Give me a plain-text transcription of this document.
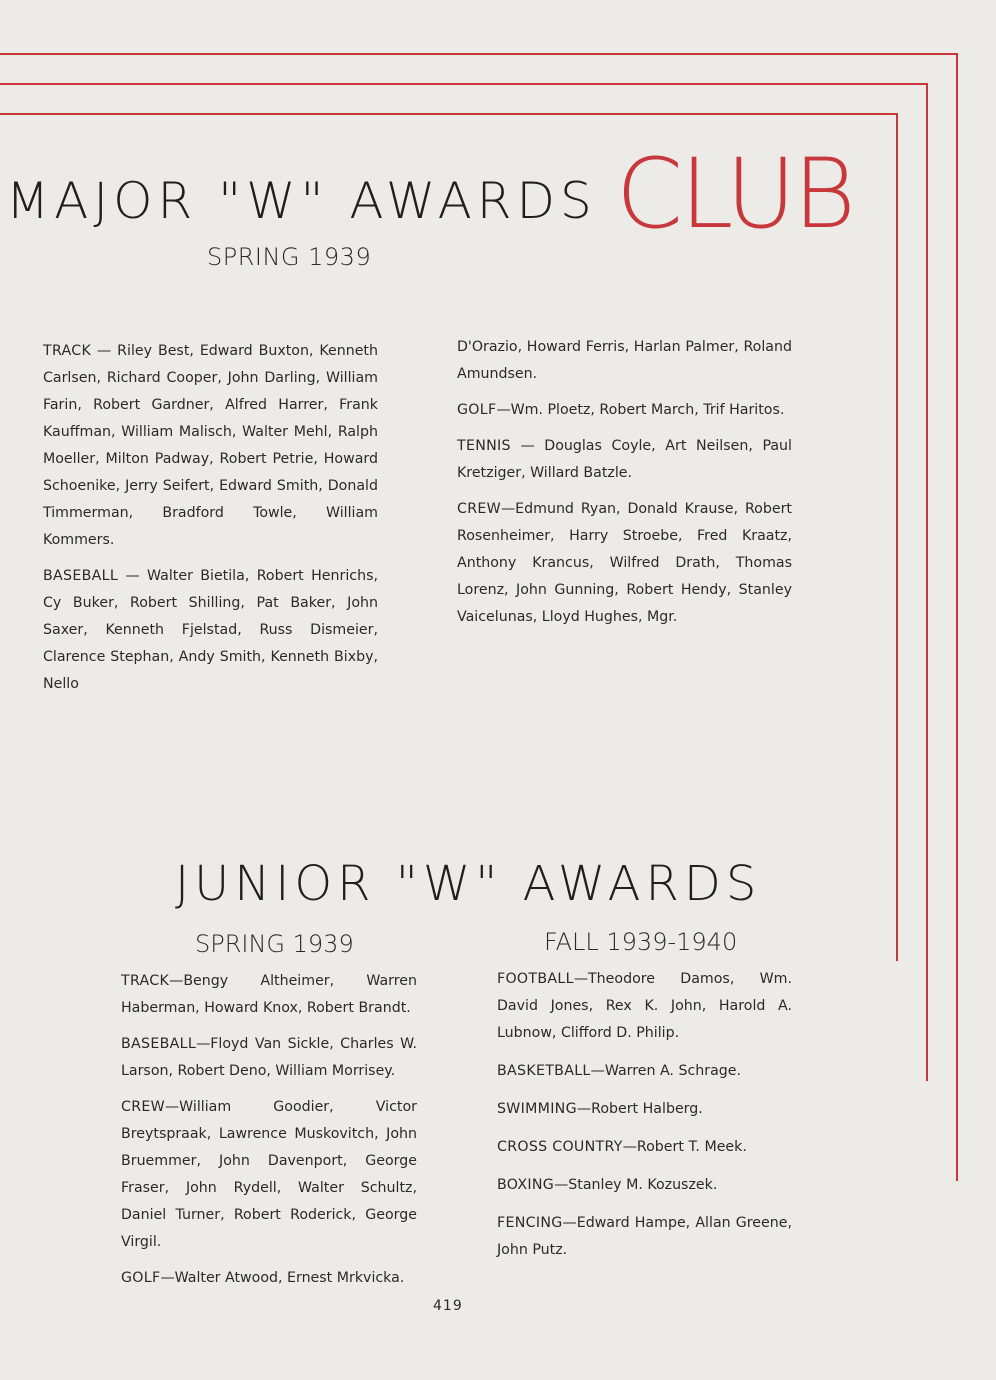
MAJOR "W" AWARDS CLUB
SPRING 1939

TRACK — Riley Best, Edward Buxton, Kenneth Carlsen, Richard Cooper, John Darling, William Farin, Robert Gardner, Alfred Harrer, Frank Kauffman, William Malisch, Walter Mehl, Ralph Moeller, Milton Padway, Robert Petrie, Howard Schoenike, Jerry Seifert, Edward Smith, Donald Timmerman, Bradford Towle, William Kommers.

BASEBALL — Walter Bietila, Robert Henrichs, Cy Buker, Robert Shilling, Pat Baker, John Saxer, Kenneth Fjelstad, Russ Dismeier, Clarence Stephan, Andy Smith, Kenneth Bixby, Nello

D'Orazio, Howard Ferris, Harlan Palmer, Roland Amundsen.

GOLF—Wm. Ploetz, Robert March, Trif Haritos.

TENNIS — Douglas Coyle, Art Neilsen, Paul Kretziger, Willard Batzle.

CREW—Edmund Ryan, Donald Krause, Robert Rosenheimer, Harry Stroebe, Fred Kraatz, Anthony Krancus, Wilfred Drath, Thomas Lorenz, John Gunning, Robert Hendy, Stanley Vaicelunas, Lloyd Hughes, Mgr.

JUNIOR "W" AWARDS
SPRING 1939	FALL 1939-1940

TRACK—Bengy Altheimer, Warren Haberman, Howard Knox, Robert Brandt.

BASEBALL—Floyd Van Sickle, Charles W. Larson, Robert Deno, William Morrisey.

CREW—William Goodier, Victor Breytspraak, Lawrence Muskovitch, John Bruemmer, John Davenport, George Fraser, John Rydell, Walter Schultz, Daniel Turner, Robert Roderick, George Virgil.

GOLF—Walter Atwood, Ernest Mrkvicka.

FOOTBALL—Theodore Damos, Wm. David Jones, Rex K. John, Harold A. Lubnow, Clifford D. Philip.

BASKETBALL—Warren A. Schrage.

SWIMMING—Robert Halberg.

CROSS COUNTRY—Robert T. Meek.

BOXING—Stanley M. Kozuszek.

FENCING—Edward Hampe, Allan Greene, John Putz.

419
